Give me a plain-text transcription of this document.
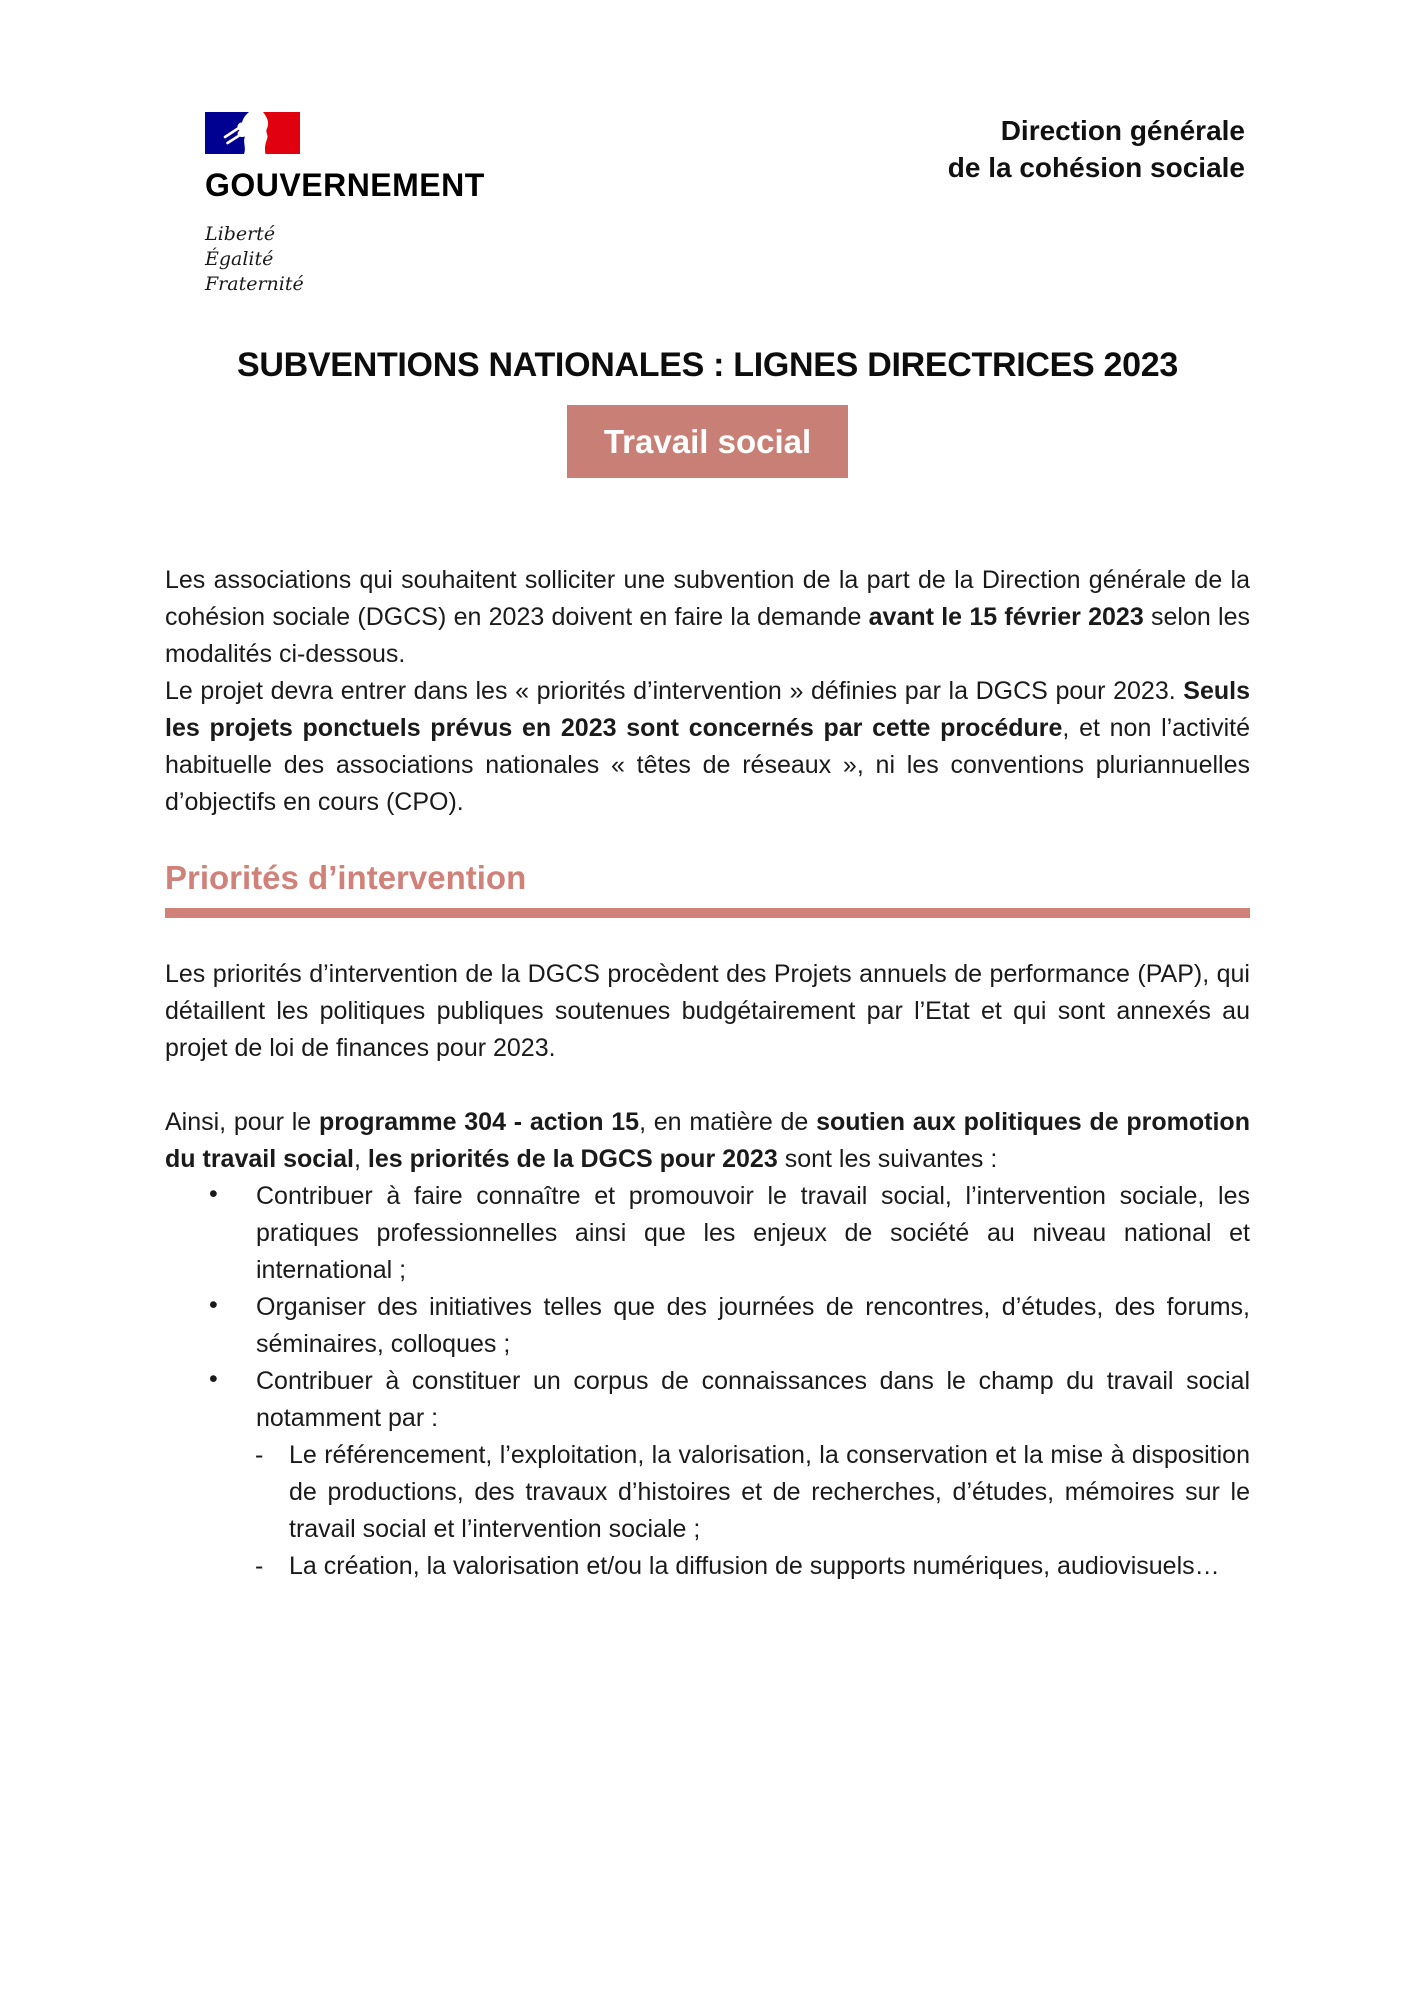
GOUVERNEMENT
Liberté
Égalité
Fraternité
Direction générale
de la cohésion sociale
SUBVENTIONS NATIONALES : LIGNES DIRECTRICES 2023
Travail social

Les associations qui souhaitent solliciter une subvention de la part de la Direction générale de la cohésion sociale (DGCS) en 2023 doivent en faire la demande avant le 15 février 2023 selon les modalités ci-dessous.

Le projet devra entrer dans les « priorités d’intervention » définies par la DGCS pour 2023. Seuls les projets ponctuels prévus en 2023 sont concernés par cette procédure, et non l’activité habituelle des associations nationales « têtes de réseaux », ni les conventions pluriannuelles d’objectifs en cours (CPO).

Priorités d’intervention

Les priorités d’intervention de la DGCS procèdent des Projets annuels de performance (PAP), qui détaillent les politiques publiques soutenues budgétairement par l’Etat et qui sont annexés au projet de loi de finances pour 2023.

Ainsi, pour le programme 304 - action 15, en matière de soutien aux politiques de promotion du travail social, les priorités de la DGCS pour 2023 sont les suivantes :

• Contribuer à faire connaître et promouvoir le travail social, l’intervention sociale, les pratiques professionnelles ainsi que les enjeux de société au niveau national et international ;
• Organiser des initiatives telles que des journées de rencontres, d’études, des forums, séminaires, colloques ;
• Contribuer à constituer un corpus de connaissances dans le champ du travail social notamment par :
- Le référencement, l’exploitation, la valorisation, la conservation et la mise à disposition de productions, des travaux d’histoires et de recherches, d’études, mémoires sur le travail social et l’intervention sociale ;
- La création, la valorisation et/ou la diffusion de supports numériques, audiovisuels…
